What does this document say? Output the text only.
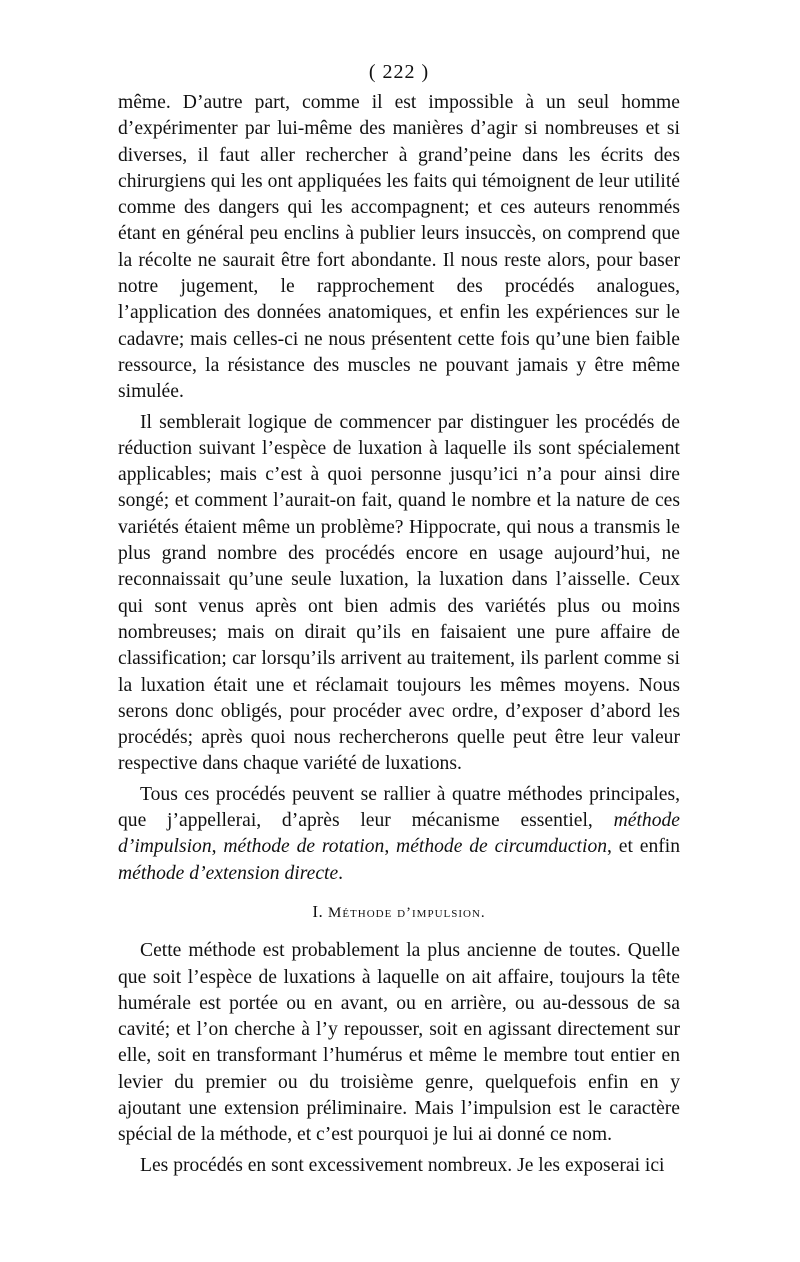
( 222 )

même. D’autre part, comme il est impossible à un seul homme d’expérimenter par lui-même des manières d’agir si nombreuses et si diverses, il faut aller rechercher à grand’peine dans les écrits des chirurgiens qui les ont appliquées les faits qui témoignent de leur utilité comme des dangers qui les accompagnent; et ces auteurs renommés étant en général peu enclins à publier leurs insuccès, on comprend que la récolte ne saurait être fort abondante. Il nous reste alors, pour baser notre jugement, le rapprochement des procédés analogues, l’application des données anatomiques, et enfin les expériences sur le cadavre; mais celles-ci ne nous présentent cette fois qu’une bien faible ressource, la résistance des muscles ne pouvant jamais y être même simulée.

Il semblerait logique de commencer par distinguer les procédés de réduction suivant l’espèce de luxation à laquelle ils sont spécialement applicables; mais c’est à quoi personne jusqu’ici n’a pour ainsi dire songé; et comment l’aurait-on fait, quand le nombre et la nature de ces variétés étaient même un problème? Hippocrate, qui nous a transmis le plus grand nombre des procédés encore en usage aujourd’hui, ne reconnaissait qu’une seule luxation, la luxation dans l’aisselle. Ceux qui sont venus après ont bien admis des variétés plus ou moins nombreuses; mais on dirait qu’ils en faisaient une pure affaire de classification; car lorsqu’ils arrivent au traitement, ils parlent comme si la luxation était une et réclamait toujours les mêmes moyens. Nous serons donc obligés, pour procéder avec ordre, d’exposer d’abord les procédés; après quoi nous rechercherons quelle peut être leur valeur respective dans chaque variété de luxations.

Tous ces procédés peuvent se rallier à quatre méthodes principales, que j’appellerai, d’après leur mécanisme essentiel, méthode d’impulsion, méthode de rotation, méthode de circumduction, et enfin méthode d’extension directe.

I. Méthode d’impulsion.

Cette méthode est probablement la plus ancienne de toutes. Quelle que soit l’espèce de luxations à laquelle on ait affaire, toujours la tête humérale est portée ou en avant, ou en arrière, ou au-dessous de sa cavité; et l’on cherche à l’y repousser, soit en agissant directement sur elle, soit en transformant l’humérus et même le membre tout entier en levier du premier ou du troisième genre, quelquefois enfin en y ajoutant une extension préliminaire. Mais l’impulsion est le caractère spécial de la méthode, et c’est pourquoi je lui ai donné ce nom.

Les procédés en sont excessivement nombreux. Je les exposerai ici
